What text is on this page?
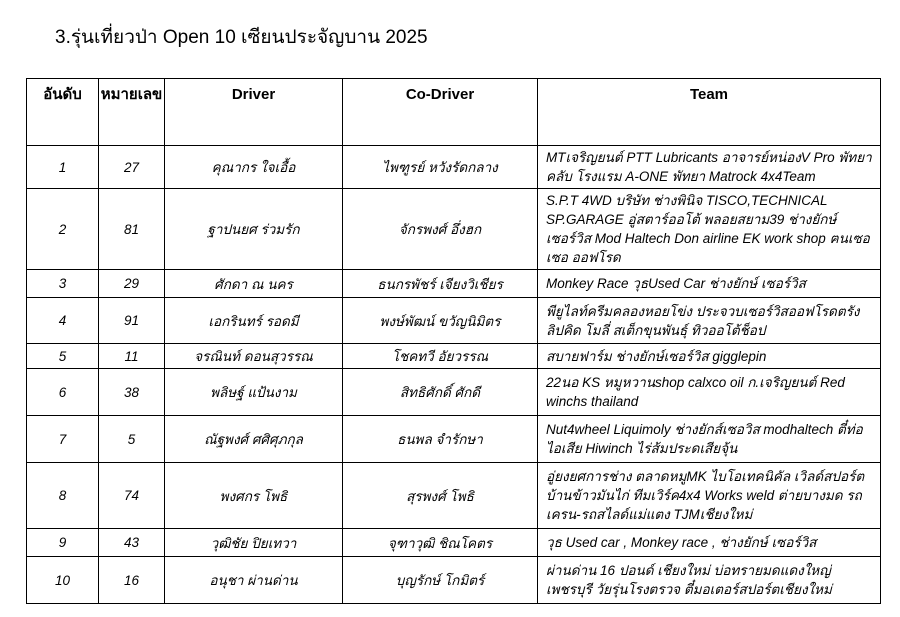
3.รุ่นเที่ยวป่า Open 10 เซียนประจัญบาน 2025
อันดับ	หมายเลข	Driver	Co-Driver	Team
1	27	คุณากร ใจเอื้อ	ไพฑูรย์ หวังรัดกลาง	MTเจริญยนต์ PTT Lubricants อาจารย์หน่องV Pro พัทยา คลับ โรงแรม A-ONE พัทยา Matrock 4x4Team
2	81	ฐาปนยศ ร่วมรัก	จักรพงศ์ อึ่งฮก	S.P.T 4WD บริษัท ช่างพินิจ TISCO,TECHNICAL SP.GARAGE อู่สตาร์ออโต้ พลอยสยาม39 ช่างยักษ์เซอร์วิส Mod Haltech Don airline EK work shop ฅนเซอเซอ ออฟโรด
3	29	ศักดา ณ นคร	ธนกรพัชร์ เจียงวิเชียร	Monkey Race วุธUsed Car ช่างยักษ์ เซอร์วิส
4	91	เอกรินทร์ รอดมี	พงษ์พัฒน์ ขวัญนิมิตร	พียูไลท์ครีมคลองหอยโข่ง ประจวบเซอร์วิสออฟโรดตรัง ลิปคิด โมลี่ สเต็กขุนพันธุ์ ทิวออโต้ช็อป
5	11	จรณินท์ ดอนสุวรรณ	โชคทวี อัยวรรณ	สบายฟาร์ม ช่างยักษ์เซอร์วิส gigglepin
6	38	พลิษฐ์ แป้นงาม	สิทธิศักดิ์ ศักดี	22นอ KS หมูหวานshop calxco oil ก.เจริญยนต์ Red winchs thailand
7	5	ณัฐพงศ์ ศศิศุภกุล	ธนพล จำรักษา	Nut4wheel Liquimoly ช่างยักส์เซอวิส modhaltech ตี๋ท่อไอเสีย Hiwinch ไร่ส้มประดเสียจุ้น
8	74	พงศกร โพธิ	สุรพงศ์ โพธิ	อู่ยงยศการช่าง ตลาดหมูMK ไบโอเทคนิคัล เวิลด์สปอร์ต บ้านข้าวมันไก่ ทีมเวิร์ค4x4 Works weld ต่ายบางมด รถเครน-รถสไลด์แม่แตง TJMเชียงใหม่
9	43	วุฒิชัย ปิยเทวา	จุฑาวุฒิ ชิณโคตร	วุธ Used car , Monkey race , ช่างยักษ์ เซอร์วิส
10	16	อนุชา ผ่านด่าน	บุญรักษ์ โกมิตร์	ผ่านด่าน 16 ปอนด์ เชียงใหม่ บ่อทรายมดแดงใหญ่เพชรบุรี วัยรุ่นโรงตรวจ ตี๋มอเตอร์สปอร์ตเชียงใหม่
